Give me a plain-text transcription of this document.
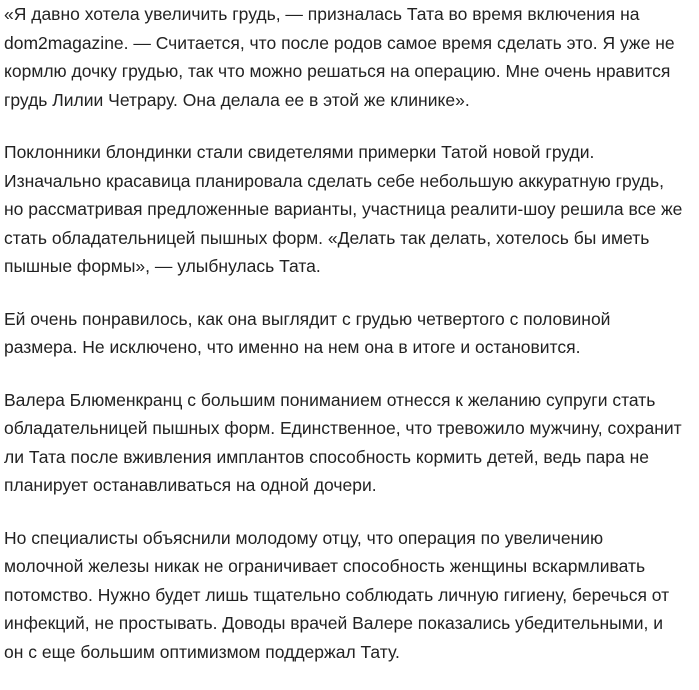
«Я давно хотела увеличить грудь, — призналась Тата во время включения на
dom2magazine. — Считается, что после родов самое время сделать это. Я уже не
кормлю дочку грудью, так что можно решаться на операцию. Мне очень нравится
грудь Лилии Четрару. Она делала ее в этой же клинике».

Поклонники блондинки стали свидетелями примерки Татой новой груди.
Изначально красавица планировала сделать себе небольшую аккуратную грудь,
но рассматривая предложенные варианты, участница реалити-шоу решила все же
стать обладательницей пышных форм. «Делать так делать, хотелось бы иметь
пышные формы», — улыбнулась Тата.

Ей очень понравилось, как она выглядит с грудью четвертого с половиной
размера. Не исключено, что именно на нем она в итоге и остановится.

Валера Блюменкранц с большим пониманием отнесся к желанию супруги стать
обладательницей пышных форм. Единственное, что тревожило мужчину, сохранит
ли Тата после вживления имплантов способность кормить детей, ведь пара не
планирует останавливаться на одной дочери.

Но специалисты объяснили молодому отцу, что операция по увеличению
молочной железы никак не ограничивает способность женщины вскармливать
потомство. Нужно будет лишь тщательно соблюдать личную гигиену, беречься от
инфекций, не простывать. Доводы врачей Валере показались убедительными, и
он с еще большим оптимизмом поддержал Тату.
